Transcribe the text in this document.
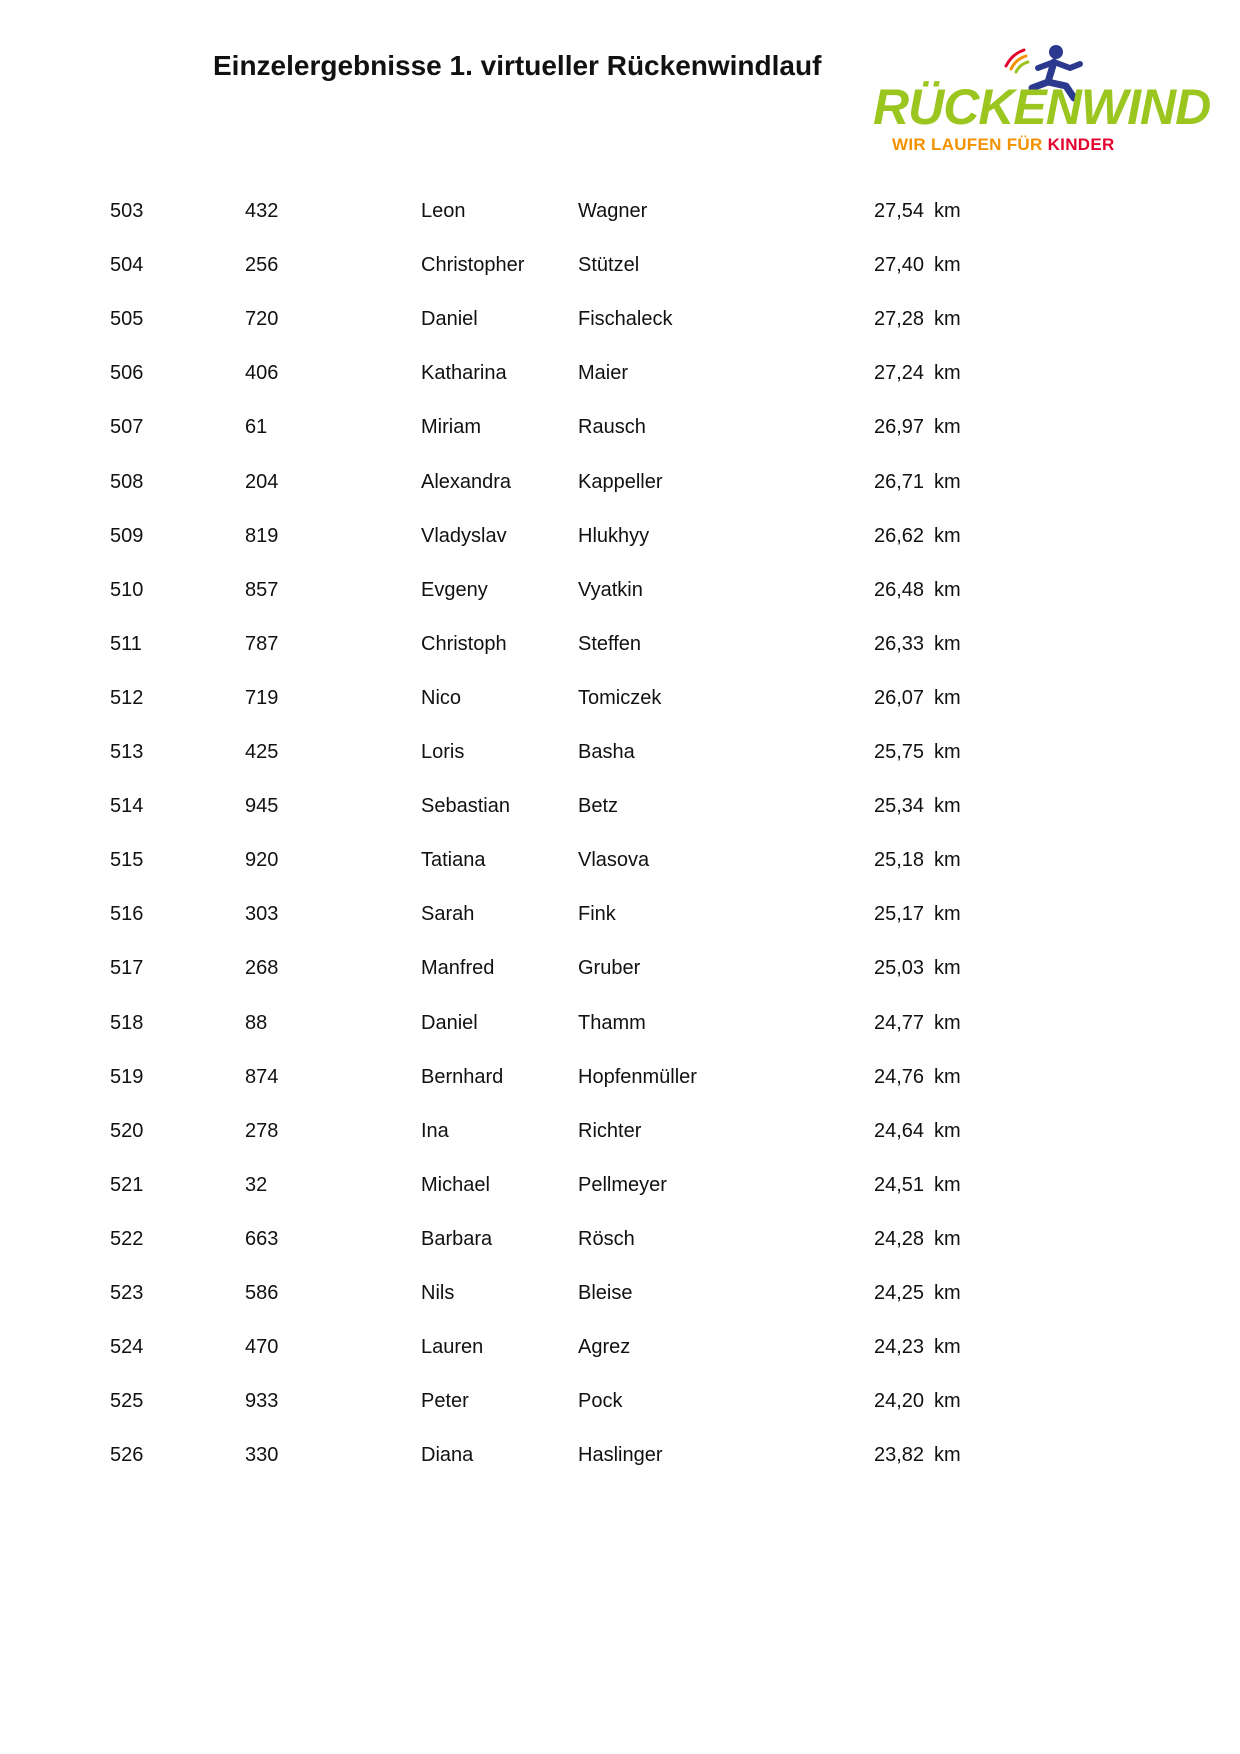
Einzelergebnisse 1. virtueller Rückenwindlauf
RÜCKENWIND
WIR LAUFEN FÜR KINDER
503	432	Leon	Wagner	27,54 km
504	256	Christopher	Stützel	27,40 km
505	720	Daniel	Fischaleck	27,28 km
506	406	Katharina	Maier	27,24 km
507	61	Miriam	Rausch	26,97 km
508	204	Alexandra	Kappeller	26,71 km
509	819	Vladyslav	Hlukhyy	26,62 km
510	857	Evgeny	Vyatkin	26,48 km
511	787	Christoph	Steffen	26,33 km
512	719	Nico	Tomiczek	26,07 km
513	425	Loris	Basha	25,75 km
514	945	Sebastian	Betz	25,34 km
515	920	Tatiana	Vlasova	25,18 km
516	303	Sarah	Fink	25,17 km
517	268	Manfred	Gruber	25,03 km
518	88	Daniel	Thamm	24,77 km
519	874	Bernhard	Hopfenmüller	24,76 km
520	278	Ina	Richter	24,64 km
521	32	Michael	Pellmeyer	24,51 km
522	663	Barbara	Rösch	24,28 km
523	586	Nils	Bleise	24,25 km
524	470	Lauren	Agrez	24,23 km
525	933	Peter	Pock	24,20 km
526	330	Diana	Haslinger	23,82 km
